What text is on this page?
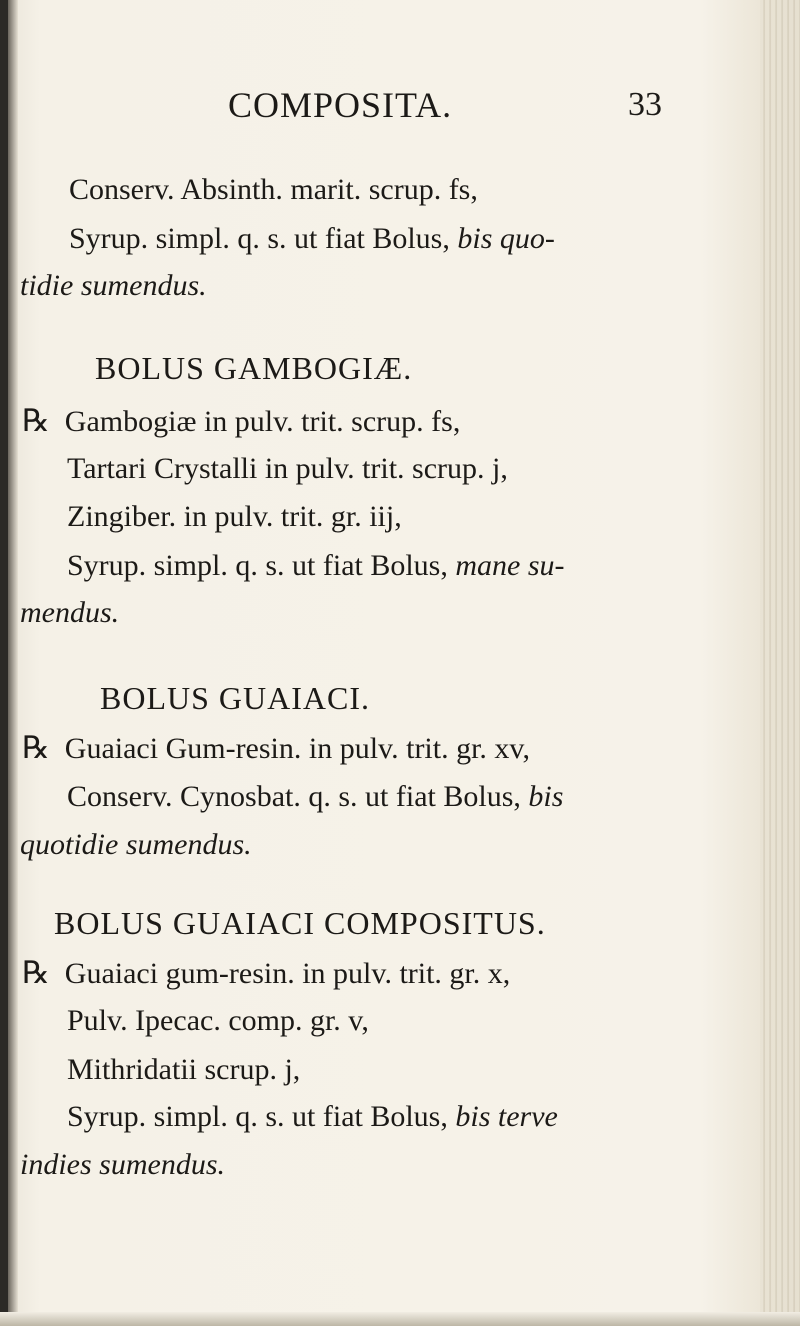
COMPOSITA.	33
Conserv. Absinth. marit. scrup. fs,
Syrup. simpl. q. s. ut fiat Bolus, bis quo-
tidie sumendus.
BOLUS GAMBOGIÆ.
℞ Gambogiæ in pulv. trit. scrup. fs,
Tartari Crystalli in pulv. trit. scrup. j,
Zingiber. in pulv. trit. gr. iij,
Syrup. simpl. q. s. ut fiat Bolus, mane su-
mendus.
BOLUS GUAIACI.
℞ Guaiaci Gum-resin. in pulv. trit. gr. xv,
Conserv. Cynosbat. q. s. ut fiat Bolus, bis
quotidie sumendus.
BOLUS GUAIACI COMPOSITUS.
℞ Guaiaci gum-resin. in pulv. trit. gr. x,
Pulv. Ipecac. comp. gr. v,
Mithridatii scrup. j,
Syrup. simpl. q. s. ut fiat Bolus, bis terve
indies sumendus.
